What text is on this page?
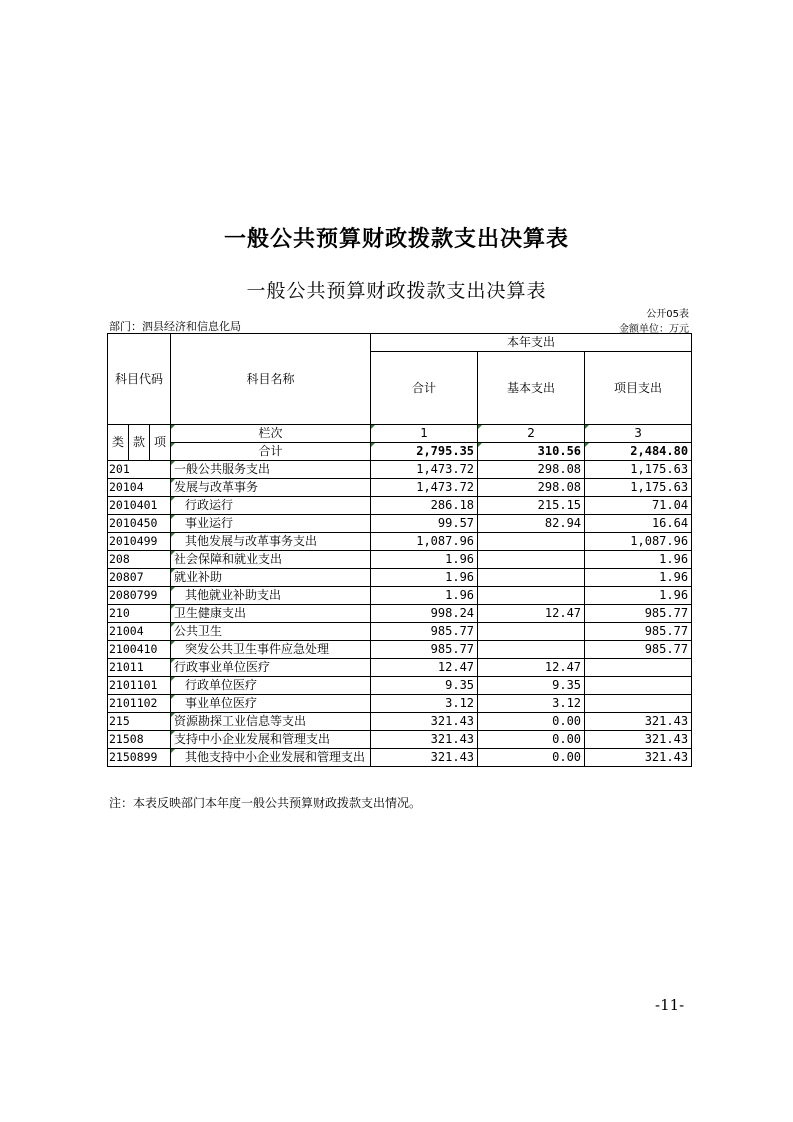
一般公共预算财政拨款支出决算表
一般公共预算财政拨款支出决算表
公开05表
部门：泗县经济和信息化局	金额单位：万元
科目代码			科目名称	本年支出		
				合计	基本支出	项目支出

类	款	项	栏次	1	2	3
			合计	2,795.35	310.56	2,484.80
201			一般公共服务支出	1,473.72	298.08	1,175.63
20104			发展与改革事务	1,473.72	298.08	1,175.63
2010401			行政运行	286.18	215.15	71.04
2010450			事业运行	99.57	82.94	16.64
2010499			其他发展与改革事务支出	1,087.96		1,087.96
208			社会保障和就业支出	1.96		1.96
20807			就业补助	1.96		1.96
2080799			其他就业补助支出	1.96		1.96
210			卫生健康支出	998.24	12.47	985.77
21004			公共卫生	985.77		985.77
2100410			突发公共卫生事件应急处理	985.77		985.77
21011			行政事业单位医疗	12.47	12.47	
2101101			行政单位医疗	9.35	9.35	
2101102			事业单位医疗	3.12	3.12	
215			资源勘探工业信息等支出	321.43	0.00	321.43
21508			支持中小企业发展和管理支出	321.43	0.00	321.43
2150899			其他支持中小企业发展和管理支出	321.43	0.00	321.43
注：本表反映部门本年度一般公共预算财政拨款支出情况。
-11-
